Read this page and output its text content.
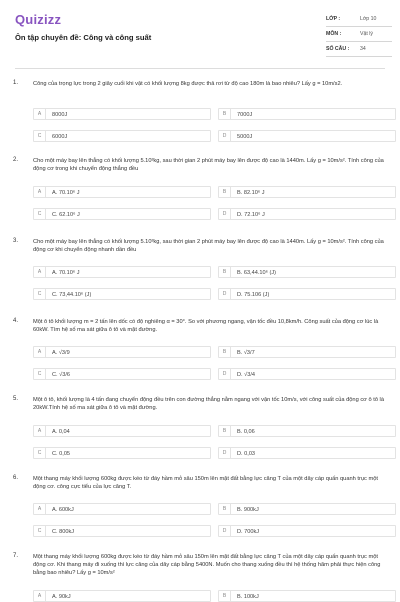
Quizizz
Ôn tập chuyên đề: Công và công suất
LỚP :	Lớp 10
MÔN :	Vật lý
SỐ CÂU :	34
1.	Công của trọng lực trong 2 giây cuối khi vật có khối lượng 8kg được thả rơi từ độ cao 180m là bao nhiêu? Lấy g = 10m/s2.
A 8000J	B 7000J
C 6000J	D 5000J
2.	Cho một máy bay lên thẳng có khối lượng 5.10³kg, sau thời gian 2 phút máy bay lên được độ cao là 1440m. Lấy g = 10m/s². Tính công của động cơ trong khi chuyển động thẳng đều
A A. 70.10⁶ J	B B. 82.10⁶ J
C C. 62.10⁶ J	D D. 72.10⁶ J
3.	Cho một máy bay lên thẳng có khối lượng 5.10³kg, sau thời gian 2 phút máy bay lên được độ cao là 1440m. Lấy g = 10m/s². Tính công của động cơ khi chuyển động nhanh dần đều
A A. 70.10⁶ J	B B. 63,44.10⁶ (J)
C C. 73,44.10⁶ (J)	D D. 75.106 (J)
4.	Một ô tô khối lượng m = 2 tấn lên dốc có độ nghiêng α = 30°. So với phương ngang, vận tốc đều 10,8km/h. Công suất của động cơ lúc là 60kW. Tìm hệ số ma sát giữa ô tô và mặt đường.
A A. √3/9	B B. √3/7
C C. √3/6	D D. √3/4
5.	Một ô tô, khối lượng là 4 tấn đang chuyển động đều trên con đường thẳng nằm ngang với vận tốc 10m/s, với công suất của động cơ ô tô là 20kW.Tính hệ số ma sát giữa ô tô và mặt đường.
A A. 0,04	B B. 0,06
C C. 0,05	D D. 0,03
6.	Một thang máy khối lượng 600kg được kéo từ đáy hầm mỏ sâu 150m lên mặt đất bằng lực căng T của một dây cáp quấn quanh trục một động cơ. công cực tiểu của lực căng T.
A A. 600kJ	B B. 900kJ
C C. 800kJ	D D. 700kJ
7.	Một thang máy khối lượng 600kg được kéo từ đáy hầm mỏ sâu 150m lên mặt đất bằng lực căng T của một dây cáp quấn quanh trục một động cơ. Khi thang máy đi xuống thì lực căng của dây cáp bằng 5400N. Muốn cho thang xuống đều thì hệ thống hãm phải thực hiện công bằng bao nhiêu? Lấy g = 10m/s²
A A. 90kJ	B B. 100kJ
